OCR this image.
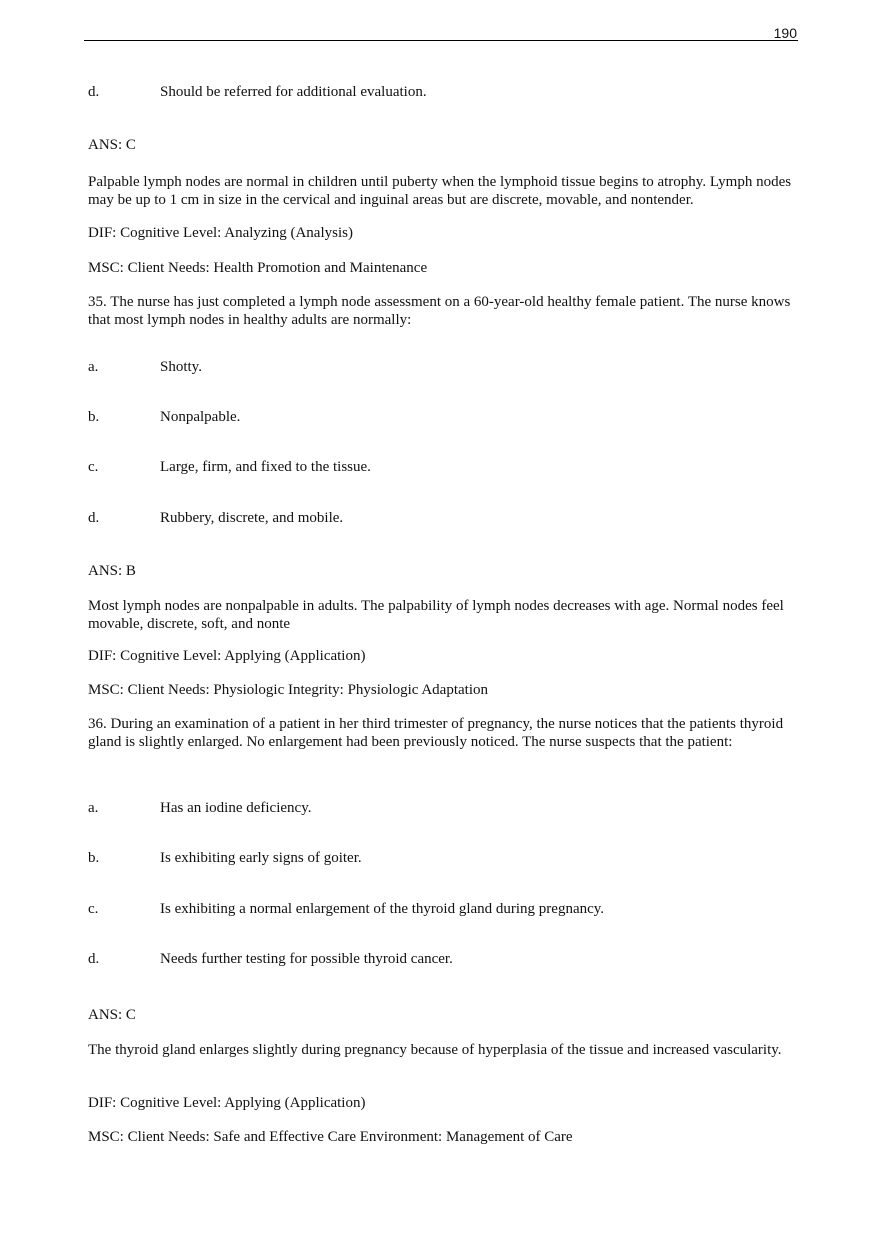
190
d.	Should be referred for additional evaluation.
ANS: C
Palpable lymph nodes are normal in children until puberty when the lymphoid tissue begins to atrophy. Lymph nodes may be up to 1 cm in size in the cervical and inguinal areas but are discrete, movable, and nontender.
DIF: Cognitive Level: Analyzing (Analysis)
MSC: Client Needs: Health Promotion and Maintenance
35. The nurse has just completed a lymph node assessment on a 60-year-old healthy female patient. The nurse knows that most lymph nodes in healthy adults are normally:
a.	Shotty.
b.	Nonpalpable.
c.	Large, firm, and fixed to the tissue.
d.	Rubbery, discrete, and mobile.
ANS: B
Most lymph nodes are nonpalpable in adults. The palpability of lymph nodes decreases with age. Normal nodes feel movable, discrete, soft, and nonte
DIF: Cognitive Level: Applying (Application)
MSC: Client Needs: Physiologic Integrity: Physiologic Adaptation
36. During an examination of a patient in her third trimester of pregnancy, the nurse notices that the patients thyroid gland is slightly enlarged. No enlargement had been previously noticed. The nurse suspects that the patient:
a.	Has an iodine deficiency.
b.	Is exhibiting early signs of goiter.
c.	Is exhibiting a normal enlargement of the thyroid gland during pregnancy.
d.	Needs further testing for possible thyroid cancer.
ANS: C
The thyroid gland enlarges slightly during pregnancy because of hyperplasia of the tissue and increased vascularity.
DIF: Cognitive Level: Applying (Application)
MSC: Client Needs: Safe and Effective Care Environment: Management of Care
